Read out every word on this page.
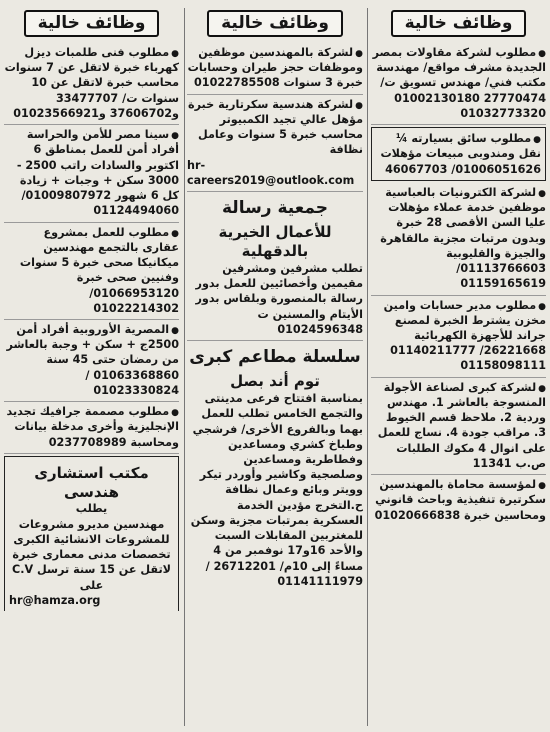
وظائف خالية
●مطلوب لشركة مقاولات بمصر الجديدة مشرف مواقع/ مهندسة مكتب فني/ مهندس تسويق ت/ 27770474 01002130180 01032773320
●مطلوب سائق بسيارته ¼ نقل ومندوبى مبيعات مؤهلات 01006051626/ 46067703
●لشركة الكترونيات بالعباسية موظفين خدمة عملاء مؤهلات عليا السن الأقصى 28 خبرة وبدون مرتبات مجزية مالقاهرة والجيزة والقليوبية 01113766603/ 01159165619
●مطلوب مدير حسابات وامين مخزن يشترط الخبرة لمصنع جراند للأجهزة الكهربائية 26221668/ 01140211777 01158098111
●لشركة كبرى لصناعة الأجولة المنسوجة بالعاشر 1. مهندس وردية 2. ملاحظ قسم الخيوط 3. مراقب جودة 4. نساج للعمل على انوال 4 مكوك الطلبات ص.ب 11341
●لمؤسسة محاماة بالمهندسين سكرتيرة تنفيذية وباحث قانوني ومحاسين خبرة 01020666838
وظائف خالية
●لشركة بالمهندسين موظفين وموظفات حجز طيران وحسابات خبرة 3 سنوات 01022785508
●لشركة هندسية سكرتارية خبرة مؤهل عالي تجيد الكمبيوتر محاسب خبرة 5 سنوات وعامل نظافة
hr-careers2019@outlook.com
جمعية رسالة
للأعمال الخيرية بالدقهلية
تطلب مشرفين ومشرفين مقيمين وأخصائيين للعمل بدور رسالة بالمنصورة وبلقاس بدور الأيتام والمسنين ت 01024596348
سلسلة مطاعم كبرى
توم أند بصل
بمناسبة افتتاح فرعى مدينتى والتجمع الخامس تطلب للعمل بهما وبالفروع الأخرى/ فرشجي وطباخ كشري ومساعدين وفطاطرية ومساعدين وصلصجية وكاشير وأوردر تيكر وويتر وبائع وعمال نظافة ح.التخرج مؤدين الخدمة العسكرية بمرتبات مجزية وسكن للمغتربين المقابلات السبت والأحد 16و17 نوفمبر من 4 مساءً إلى 10م/ 26712201 / 01141111979
وظائف خالية
●مطلوب فنى طلمبات ديزل كهرباء خبرة لاتقل عن 7 سنوات محاسب خبرة لاتقل عن 10 سنوات ت/ 33477707 و37606702 و01023566921
●سينا مصر للأمن والحراسة أفراد أمن للعمل بمناطق 6 اكتوبر والسادات راتب 2500 - 3000 سكن + وجبات + زيادة كل 6 شهور 01009807972/ 01124494060
●مطلوب للعمل بمشروع عقارى بالتجمع مهندسين ميكانيكا صحى خبرة 5 سنوات وفنيين صحى خبرة 01066953120/ 01022214302
●المصرية الأوروبية أفراد أمن 2500ج + سكن + وجبة بالعاشر من رمضان حتى 45 سنة 01063368860 / 01023330824
●مطلوب مصممة جرافيك تجديد الإنجليزية وأخرى مدخلة بيانات ومحاسبة 0237708989
مكتب استشارى هندسى
يطلب
مهندسين مديرو مشروعات للمشروعات الانشائية الكبرى تخصصات مدنى معمارى خبرة لاتقل عن 15 سنة ترسل C.V على
hr@hamza.org
